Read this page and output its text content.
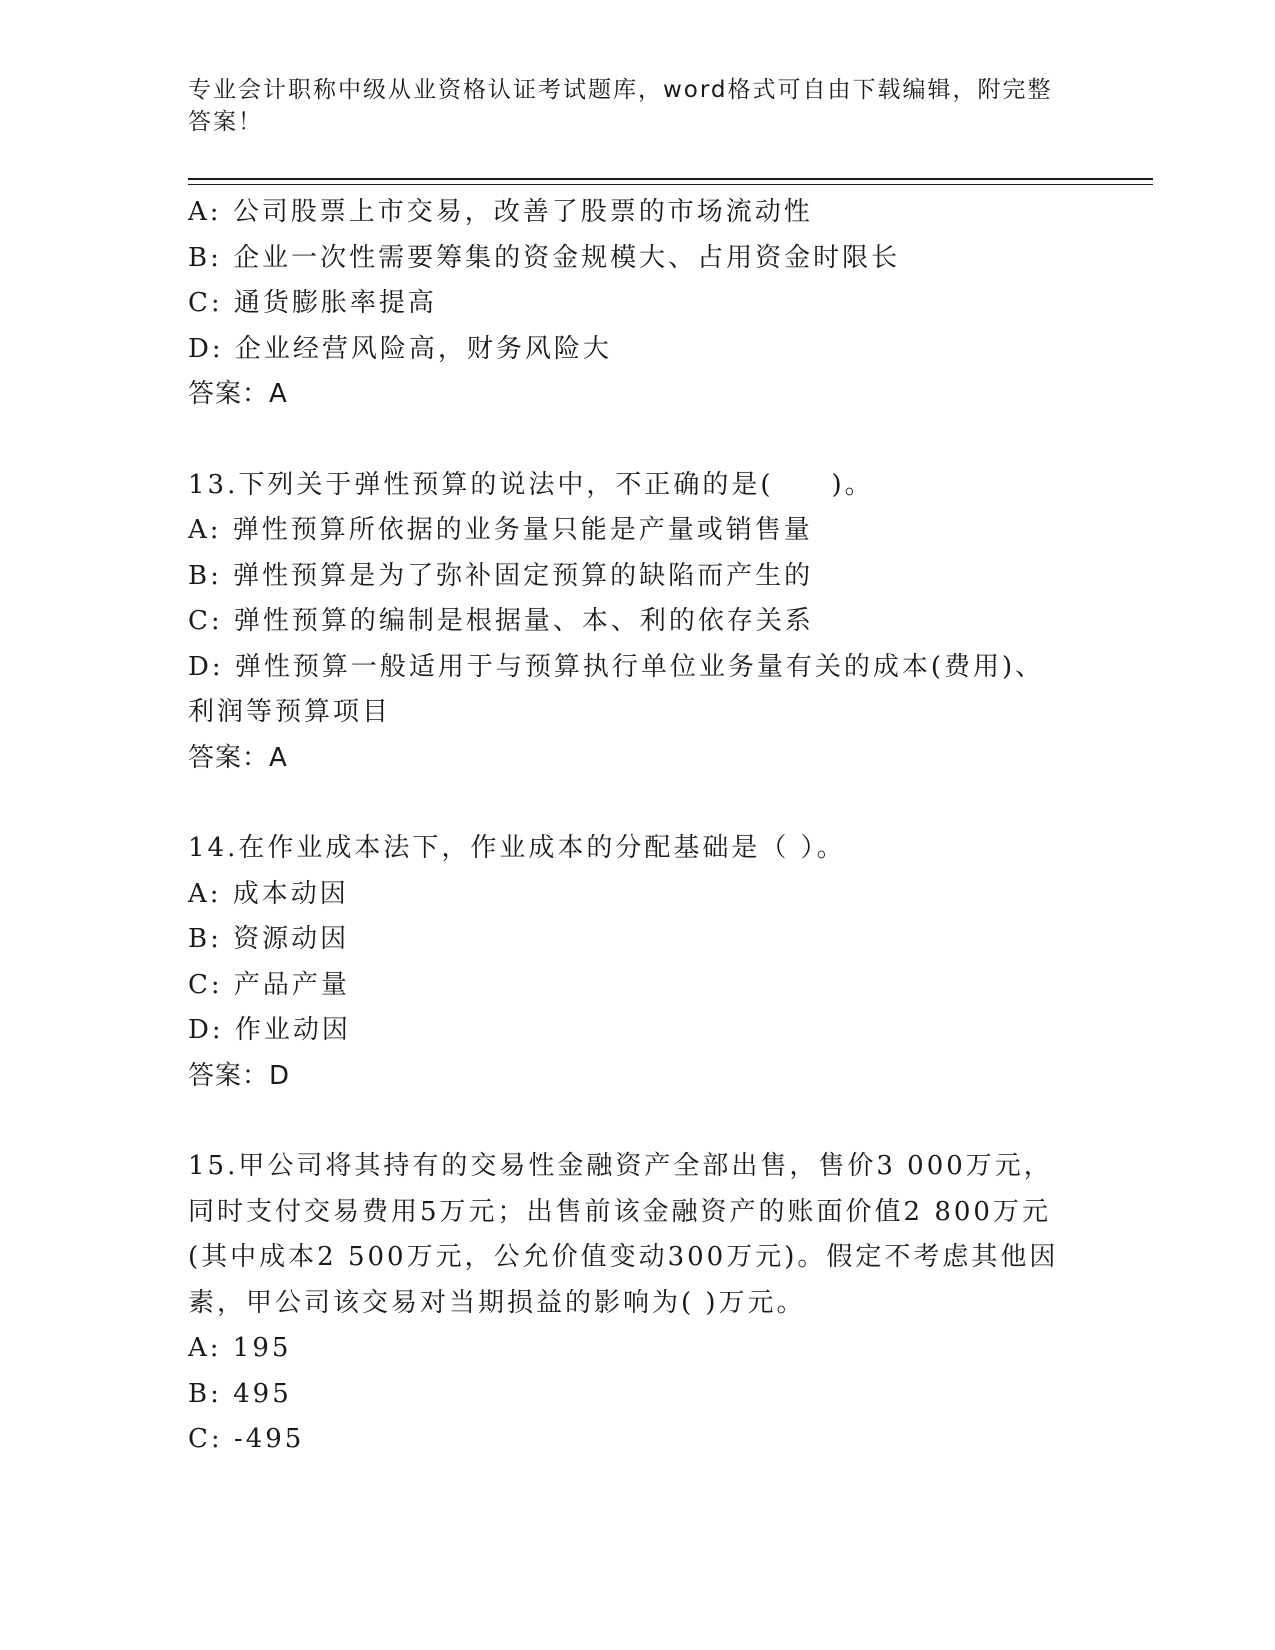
专业会计职称中级从业资格认证考试题库，word格式可自由下载编辑，附完整答案！
A: 公司股票上市交易，改善了股票的市场流动性
B: 企业一次性需要筹集的资金规模大、占用资金时限长
C: 通货膨胀率提高
D: 企业经营风险高，财务风险大
答案：A
13.下列关于弹性预算的说法中，不正确的是(　　)。
A: 弹性预算所依据的业务量只能是产量或销售量
B: 弹性预算是为了弥补固定预算的缺陷而产生的
C: 弹性预算的编制是根据量、本、利的依存关系
D: 弹性预算一般适用于与预算执行单位业务量有关的成本(费用)、利润等预算项目
答案：A
14.在作业成本法下，作业成本的分配基础是（ ）。
A: 成本动因
B: 资源动因
C: 产品产量
D: 作业动因
答案：D
15.甲公司将其持有的交易性金融资产全部出售，售价3 000万元，同时支付交易费用5万元；出售前该金融资产的账面价值2 800万元(其中成本2 500万元，公允价值变动300万元)。假定不考虑其他因素，甲公司该交易对当期损益的影响为( )万元。
A: 195
B: 495
C: -495
